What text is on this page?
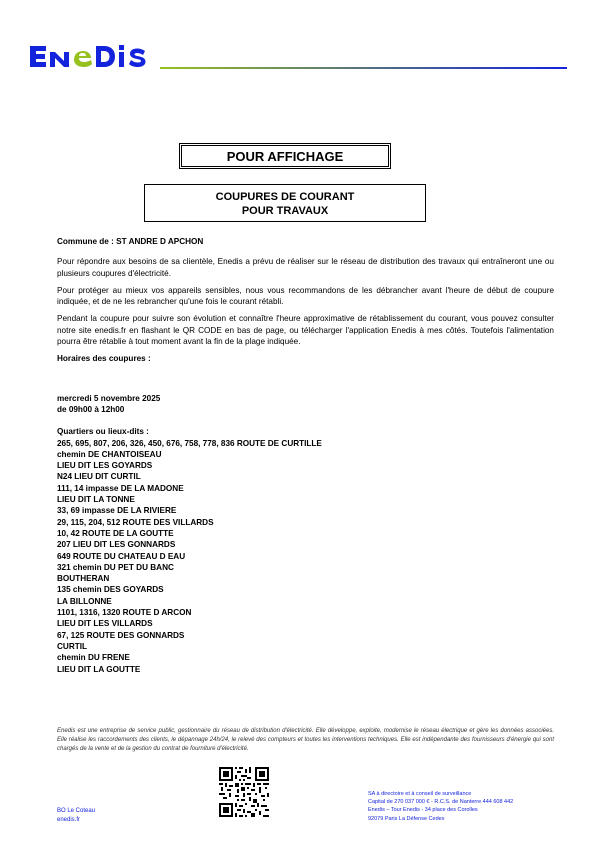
POUR AFFICHAGE
COUPURES DE COURANT
POUR TRAVAUX

Commune de : ST ANDRE D APCHON

Pour répondre aux besoins de sa clientèle, Enedis a prévu de réaliser sur le réseau de distribution des travaux qui entraîneront une ou plusieurs coupures d'électricité.

Pour protéger au mieux vos appareils sensibles, nous vous recommandons de les débrancher avant l'heure de début de coupure indiquée, et de ne les rebrancher qu'une fois le courant rétabli.

Pendant la coupure pour suivre son évolution et connaître l'heure approximative de rétablissement du courant, vous pouvez consulter notre site enedis.fr en flashant le QR CODE en bas de page, ou télécharger l'application Enedis à mes côtés. Toutefois l'alimentation pourra être rétablie à tout moment avant la fin de la plage indiquée.

Horaires des coupures :

mercredi 5 novembre 2025
de 09h00 à 12h00
Quartiers ou lieux-dits :
265, 695, 807, 206, 326, 450, 676, 758, 778, 836 ROUTE DE CURTILLE
chemin DE CHANTOISEAU
LIEU DIT LES GOYARDS
N24 LIEU DIT CURTIL
111, 14 impasse DE LA MADONE
LIEU DIT LA TONNE
33, 69 impasse DE LA RIVIERE
29, 115, 204, 512 ROUTE DES VILLARDS
10, 42 ROUTE DE LA GOUTTE
207 LIEU DIT LES GONNARDS
649 ROUTE DU CHATEAU D EAU
321 chemin DU PET DU BANC
BOUTHERAN
135 chemin DES GOYARDS
LA BILLONNE
1101, 1316, 1320 ROUTE D ARCON
LIEU DIT LES VILLARDS
67, 125 ROUTE DES GONNARDS
CURTIL
chemin DU FRENE
LIEU DIT LA GOUTTE
Enedis est une entreprise de service public, gestionnaire du réseau de distribution d'électricité. Elle développe, exploite, modernise le réseau électrique et gère les données associées. Elle réalise les raccordements des clients, le dépannage 24h/24, le relevé des compteurs et toutes les interventions techniques. Elle est indépendante des fournisseurs d'énergie qui sont chargés de la vente et de la gestion du contrat de fourniture d'électricité.
BO Le Coteau
enedis.fr
SA à directoire et à conseil de surveillance
Capital de 270 037 000 € - R.C.S. de Nanterre 444 608 442
Enedis – Tour Enedis - 34 place des Corolles
92079 Paris La Défense Cedex
